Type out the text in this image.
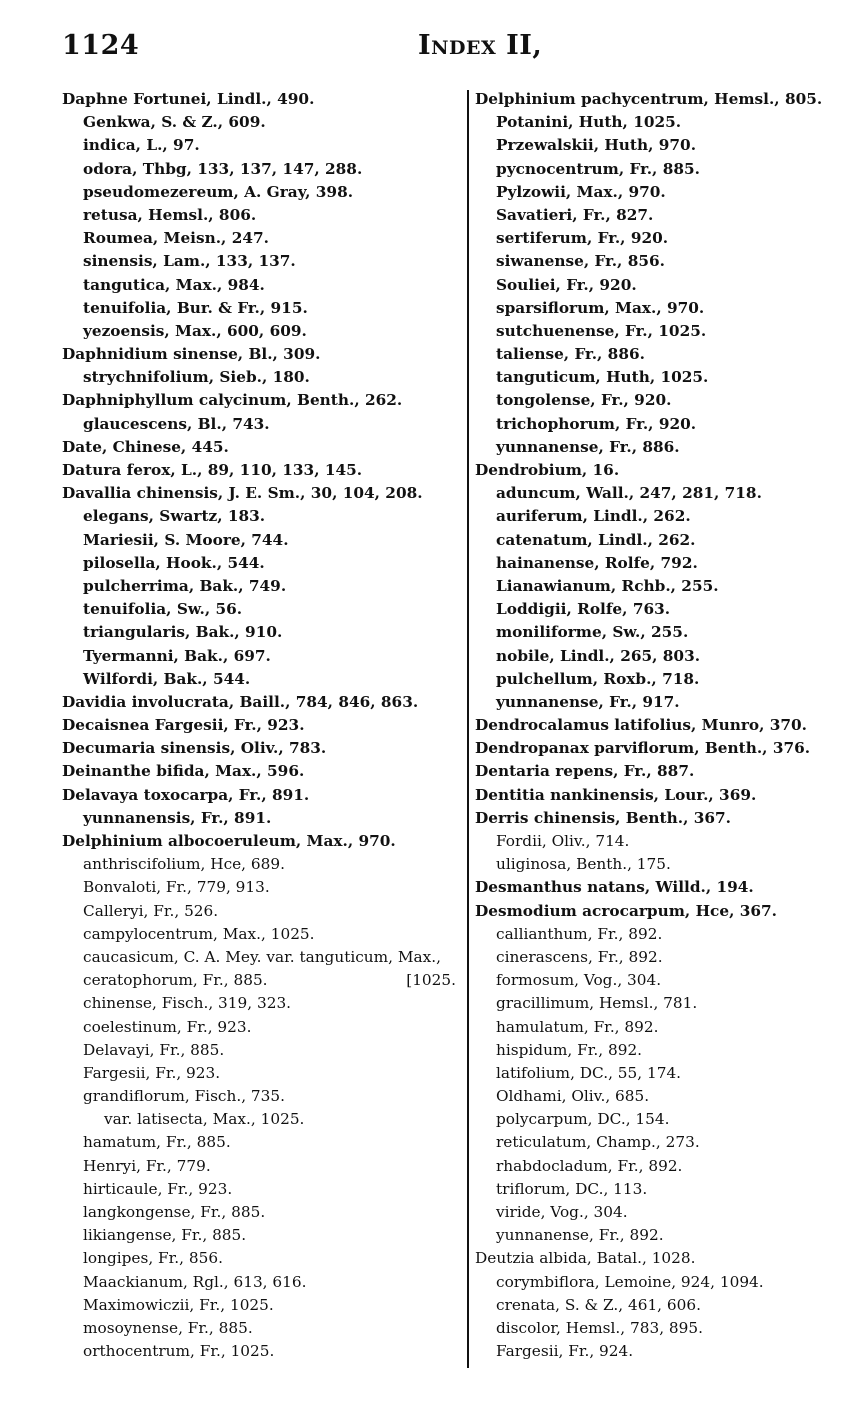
1124	Index II,
Daphne Fortunei, Lindl., 490.
Genkwa, S. & Z., 609.
indica, L., 97.
odora, Thbg, 133, 137, 147, 288.
pseudomezereum, A. Gray, 398.
retusa, Hemsl., 806.
Roumea, Meisn., 247.
sinensis, Lam., 133, 137.
tangutica, Max., 984.
tenuifolia, Bur. & Fr., 915.
yezoensis, Max., 600, 609.
Daphnidium sinense, Bl., 309.
strychnifolium, Sieb., 180.
Daphniphyllum calycinum, Benth., 262.
glaucescens, Bl., 743.
Date, Chinese, 445.
Datura ferox, L., 89, 110, 133, 145.
Davallia chinensis, J. E. Sm., 30, 104, 208.
elegans, Swartz, 183.
Mariesii, S. Moore, 744.
pilosella, Hook., 544.
pulcherrima, Bak., 749.
tenuifolia, Sw., 56.
triangularis, Bak., 910.
Tyermanni, Bak., 697.
Wilfordi, Bak., 544.
Davidia involucrata, Baill., 784, 846, 863.
Decaisnea Fargesii, Fr., 923.
Decumaria sinensis, Oliv., 783.
Deinanthe bifida, Max., 596.
Delavaya toxocarpa, Fr., 891.
yunnanensis, Fr., 891.
Delphinium albocoeruleum, Max., 970.
anthriscifolium, Hce, 689.
Bonvaloti, Fr., 779, 913.
Calleryi, Fr., 526.
campylocentrum, Max., 1025.
caucasicum, C. A. Mey. var. tanguticum, Max.,
ceratophorum, Fr., 885.	[1025.
chinense, Fisch., 319, 323.
coelestinum, Fr., 923.
Delavayi, Fr., 885.
Fargesii, Fr., 923.
grandiflorum, Fisch., 735.
var. latisecta, Max., 1025.
hamatum, Fr., 885.
Henryi, Fr., 779.
hirticaule, Fr., 923.
langkongense, Fr., 885.
likiangense, Fr., 885.
longipes, Fr., 856.
Maackianum, Rgl., 613, 616.
Maximowiczii, Fr., 1025.
mosoynense, Fr., 885.
orthocentrum, Fr., 1025.
Delphinium pachycentrum, Hemsl., 805.
Potanini, Huth, 1025.
Przewalskii, Huth, 970.
pycnocentrum, Fr., 885.
Pylzowii, Max., 970.
Savatieri, Fr., 827.
sertiferum, Fr., 920.
siwanense, Fr., 856.
Souliei, Fr., 920.
sparsiflorum, Max., 970.
sutchuenense, Fr., 1025.
taliense, Fr., 886.
tanguticum, Huth, 1025.
tongolense, Fr., 920.
trichophorum, Fr., 920.
yunnanense, Fr., 886.
Dendrobium, 16.
aduncum, Wall., 247, 281, 718.
auriferum, Lindl., 262.
catenatum, Lindl., 262.
hainanense, Rolfe, 792.
Lianawianum, Rchb., 255.
Loddigii, Rolfe, 763.
moniliforme, Sw., 255.
nobile, Lindl., 265, 803.
pulchellum, Roxb., 718.
yunnanense, Fr., 917.
Dendrocalamus latifolius, Munro, 370.
Dendropanax parviflorum, Benth., 376.
Dentaria repens, Fr., 887.
Dentitia nankinensis, Lour., 369.
Derris chinensis, Benth., 367.
Fordii, Oliv., 714.
uliginosa, Benth., 175.
Desmanthus natans, Willd., 194.
Desmodium acrocarpum, Hce, 367.
callianthum, Fr., 892.
cinerascens, Fr., 892.
formosum, Vog., 304.
gracillimum, Hemsl., 781.
hamulatum, Fr., 892.
hispidum, Fr., 892.
latifolium, DC., 55, 174.
Oldhami, Oliv., 685.
polycarpum, DC., 154.
reticulatum, Champ., 273.
rhabdocladum, Fr., 892.
triflorum, DC., 113.
viride, Vog., 304.
yunnanense, Fr., 892.
Deutzia albida, Batal., 1028.
corymbiflora, Lemoine, 924, 1094.
crenata, S. & Z., 461, 606.
discolor, Hemsl., 783, 895.
Fargesii, Fr., 924.
